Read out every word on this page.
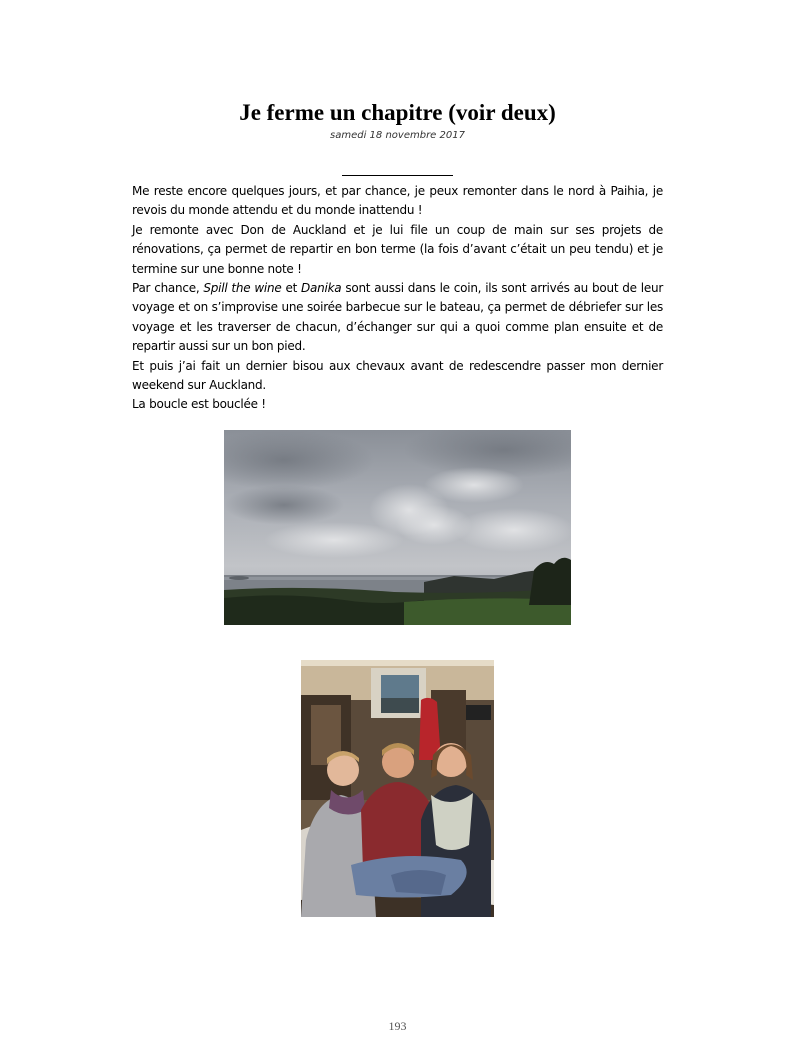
Je ferme un chapitre (voir deux)
samedi 18 novembre 2017

Me reste encore quelques jours, et par chance, je peux remonter dans le nord à Paihia, je revois du monde attendu et du monde inattendu !

Je remonte avec Don de Auckland et je lui file un coup de main sur ses projets de rénovations, ça permet de repartir en bon terme (la fois d’avant c’était un peu tendu) et je termine sur une bonne note !

Par chance, Spill the wine et Danika sont aussi dans le coin, ils sont arrivés au bout de leur voyage et on s’improvise une soirée barbecue sur le bateau, ça permet de débriefer sur les voyage et les traverser de chacun, d’échanger sur qui a quoi comme plan ensuite et de repartir aussi sur un bon pied.

Et puis j’ai fait un dernier bisou aux chevaux avant de redescendre passer mon dernier weekend sur Auckland.

La boucle est bouclée !

193
